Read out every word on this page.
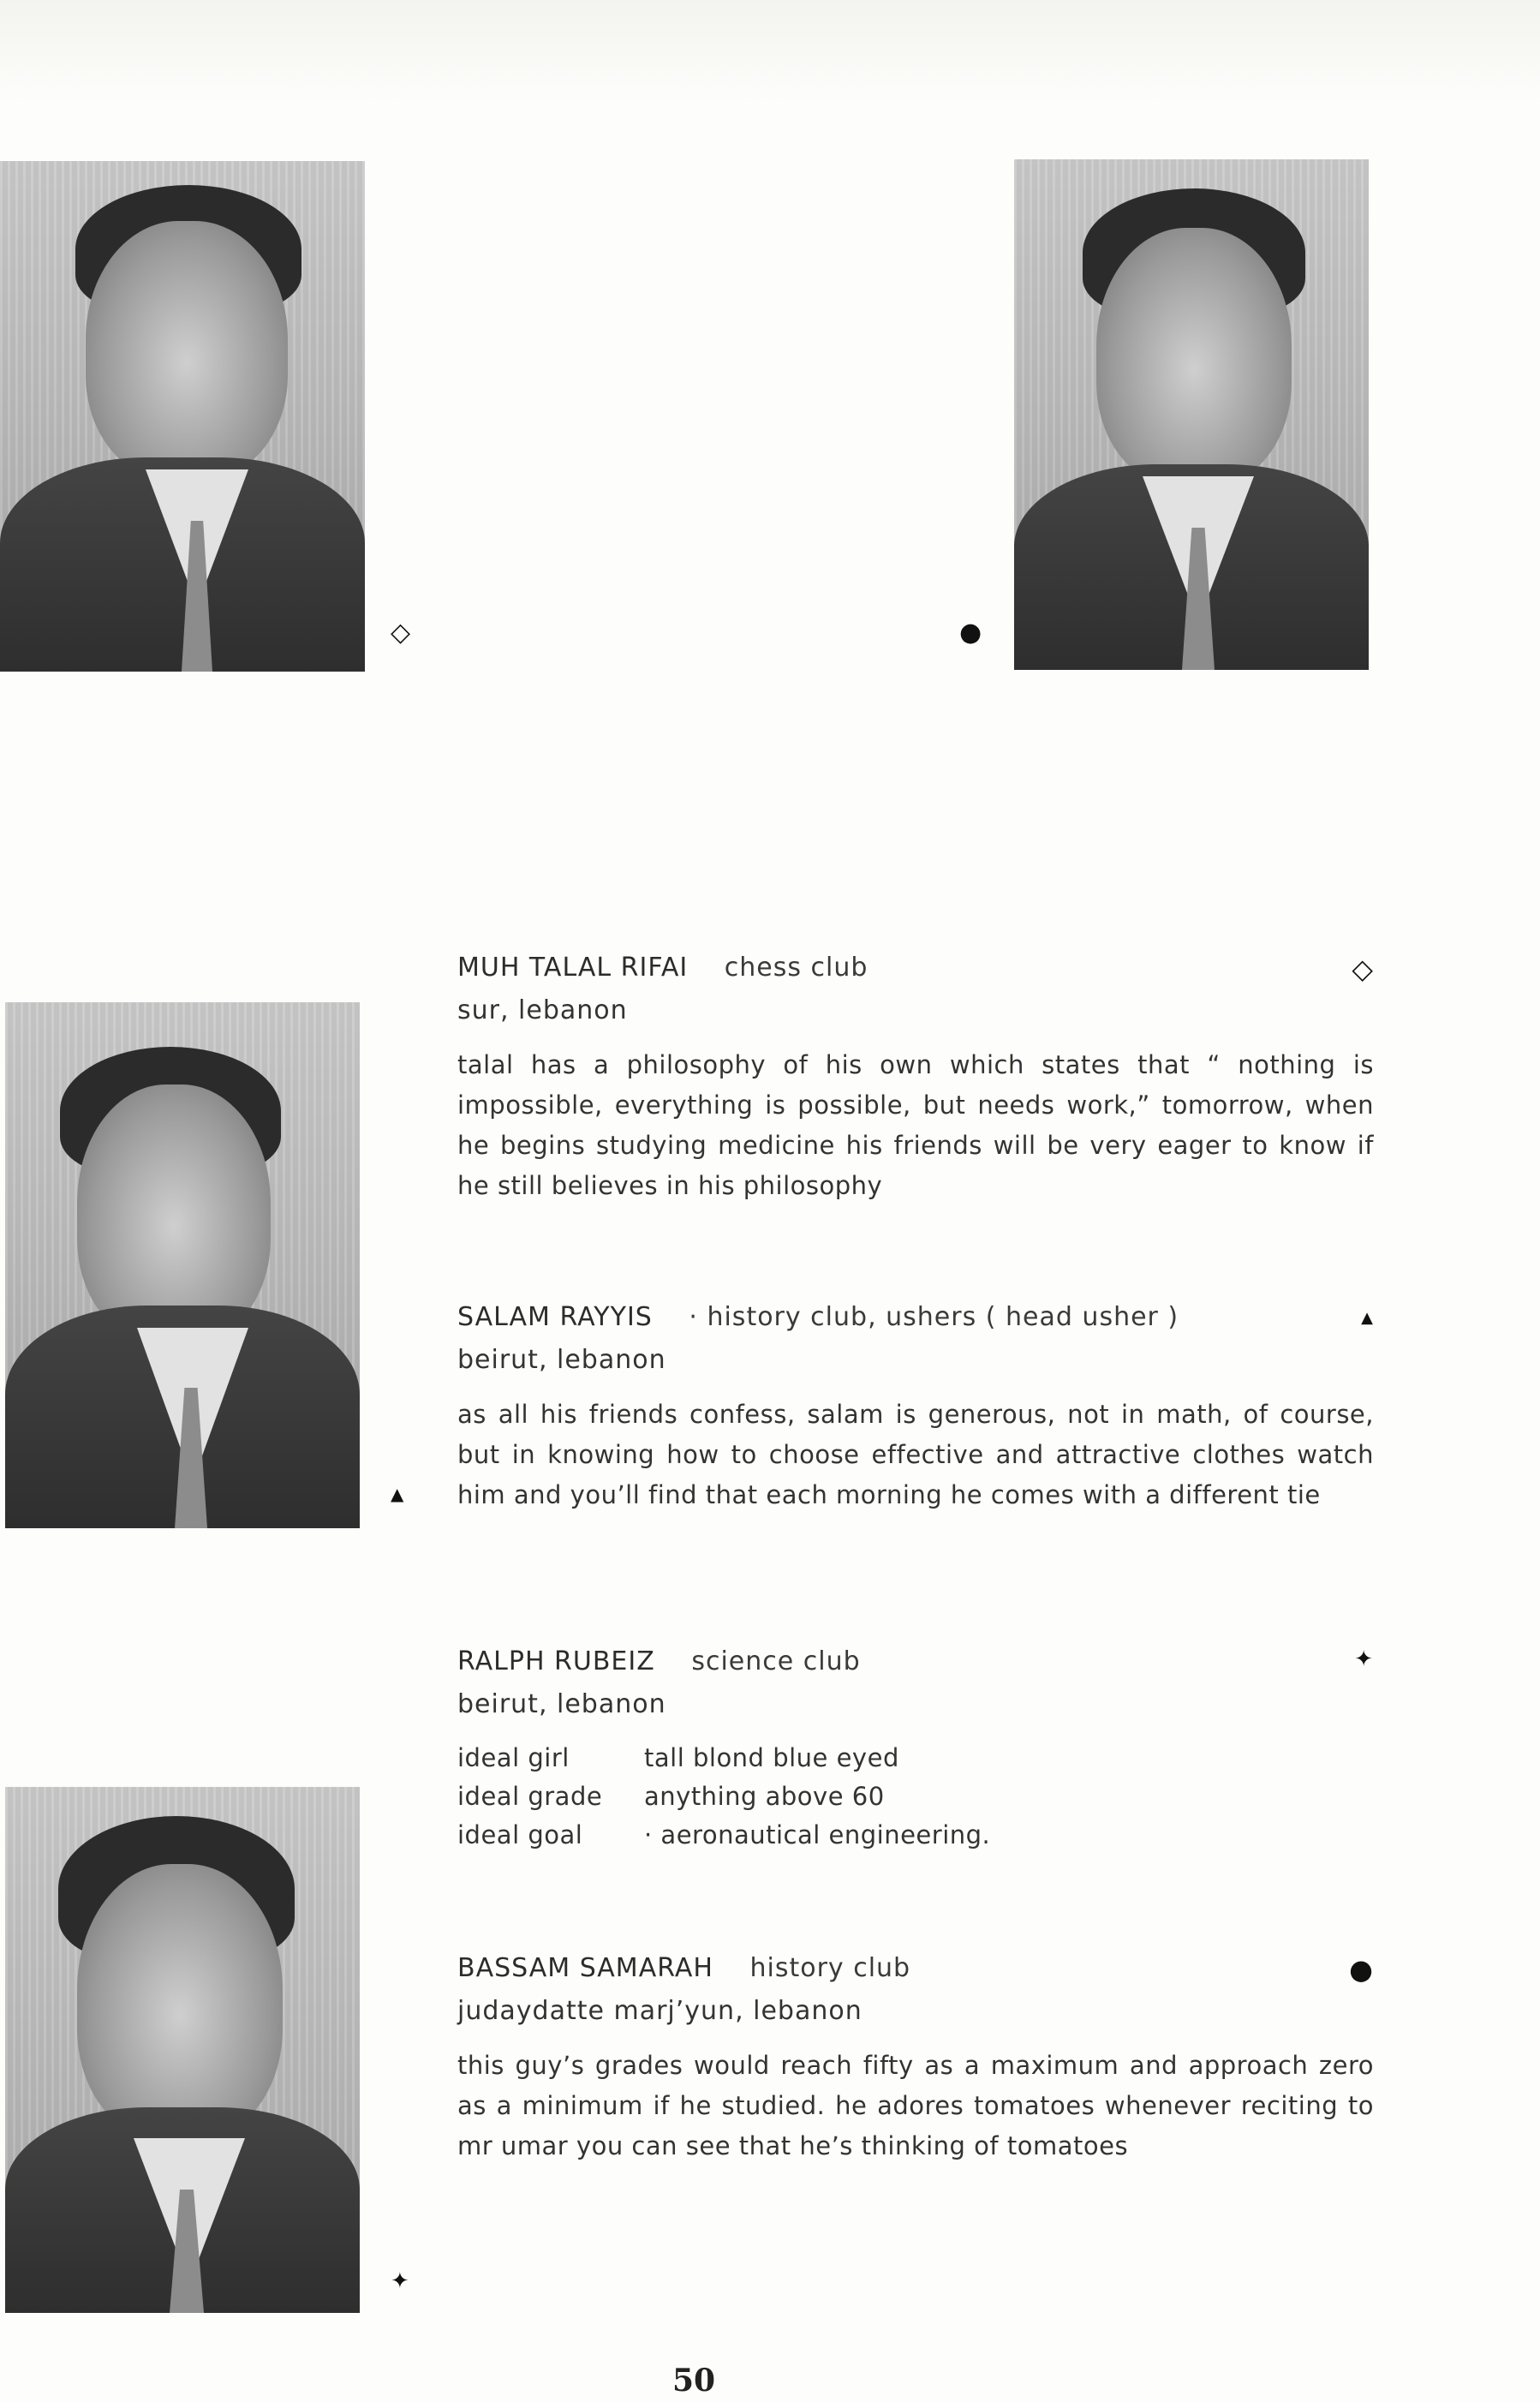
◇	●
▲
✦
MUH TALAL RIFAI chess club	◇
sur, lebanon
talal has a philosophy of his own which states that “ nothing is impossible, everything is possible, but needs work,” tomorrow, when he begins studying medicine his friends will be very eager to know if he still believes in his philosophy
SALAM RAYYIS · history club, ushers ( head usher )	▲
beirut, lebanon
as all his friends confess, salam is generous, not in math, of course, but in knowing how to choose effective and attractive clothes watch him and you’ll find that each morning he comes with a different tie
RALPH RUBEIZ science club	✦
beirut, lebanon
ideal girl	tall blond blue eyed
ideal grade anything above 60
ideal goal · aeronautical engineering.
BASSAM SAMARAH history club	●
judaydatte marj’yun, lebanon
this guy’s grades would reach fifty as a maximum and approach zero as a minimum if he studied. he adores tomatoes whenever reciting to mr umar you can see that he’s thinking of tomatoes
50
